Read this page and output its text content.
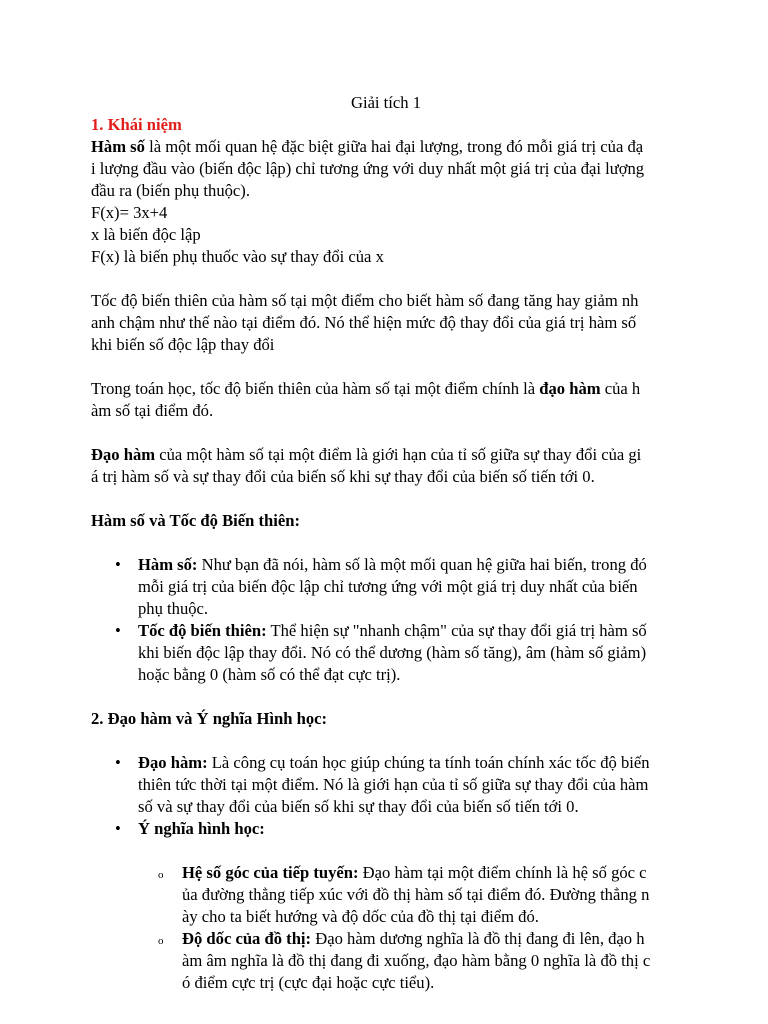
Giải tích 1
1. Khái niệm
Hàm số là một mối quan hệ đặc biệt giữa hai đại lượng, trong đó mỗi giá trị của đạ
i lượng đầu vào (biến độc lập) chỉ tương ứng với duy nhất một giá trị của đại lượng
đầu ra (biến phụ thuộc).
F(x)= 3x+4
x là biến độc lập
F(x) là biến phụ thuốc vào sự thay đổi của x
Tốc độ biến thiên của hàm số tại một điểm cho biết hàm số đang tăng hay giảm nh
anh chậm như thế nào tại điểm đó. Nó thể hiện mức độ thay đổi của giá trị hàm số
khi biến số độc lập thay đổi
Trong toán học, tốc độ biến thiên của hàm số tại một điểm chính là đạo hàm của h
àm số tại điểm đó.
Đạo hàm của một hàm số tại một điểm là giới hạn của tỉ số giữa sự thay đổi của gi
á trị hàm số và sự thay đổi của biến số khi sự thay đổi của biến số tiến tới 0.
Hàm số và Tốc độ Biến thiên:
• Hàm số: Như bạn đã nói, hàm số là một mối quan hệ giữa hai biến, trong đó
mỗi giá trị của biến độc lập chỉ tương ứng với một giá trị duy nhất của biến
phụ thuộc.
• Tốc độ biến thiên: Thể hiện sự "nhanh chậm" của sự thay đổi giá trị hàm số
khi biến độc lập thay đổi. Nó có thể dương (hàm số tăng), âm (hàm số giảm)
hoặc bằng 0 (hàm số có thể đạt cực trị).
2. Đạo hàm và Ý nghĩa Hình học:
• Đạo hàm: Là công cụ toán học giúp chúng ta tính toán chính xác tốc độ biến
thiên tức thời tại một điểm. Nó là giới hạn của tỉ số giữa sự thay đổi của hàm
số và sự thay đổi của biến số khi sự thay đổi của biến số tiến tới 0.
• Ý nghĩa hình học:
o Hệ số góc của tiếp tuyến: Đạo hàm tại một điểm chính là hệ số góc c
ủa đường thẳng tiếp xúc với đồ thị hàm số tại điểm đó. Đường thẳng n
ày cho ta biết hướng và độ dốc của đồ thị tại điểm đó.
o Độ dốc của đồ thị: Đạo hàm dương nghĩa là đồ thị đang đi lên, đạo h
àm âm nghĩa là đồ thị đang đi xuống, đạo hàm bằng 0 nghĩa là đồ thị c
ó điểm cực trị (cực đại hoặc cực tiểu).
